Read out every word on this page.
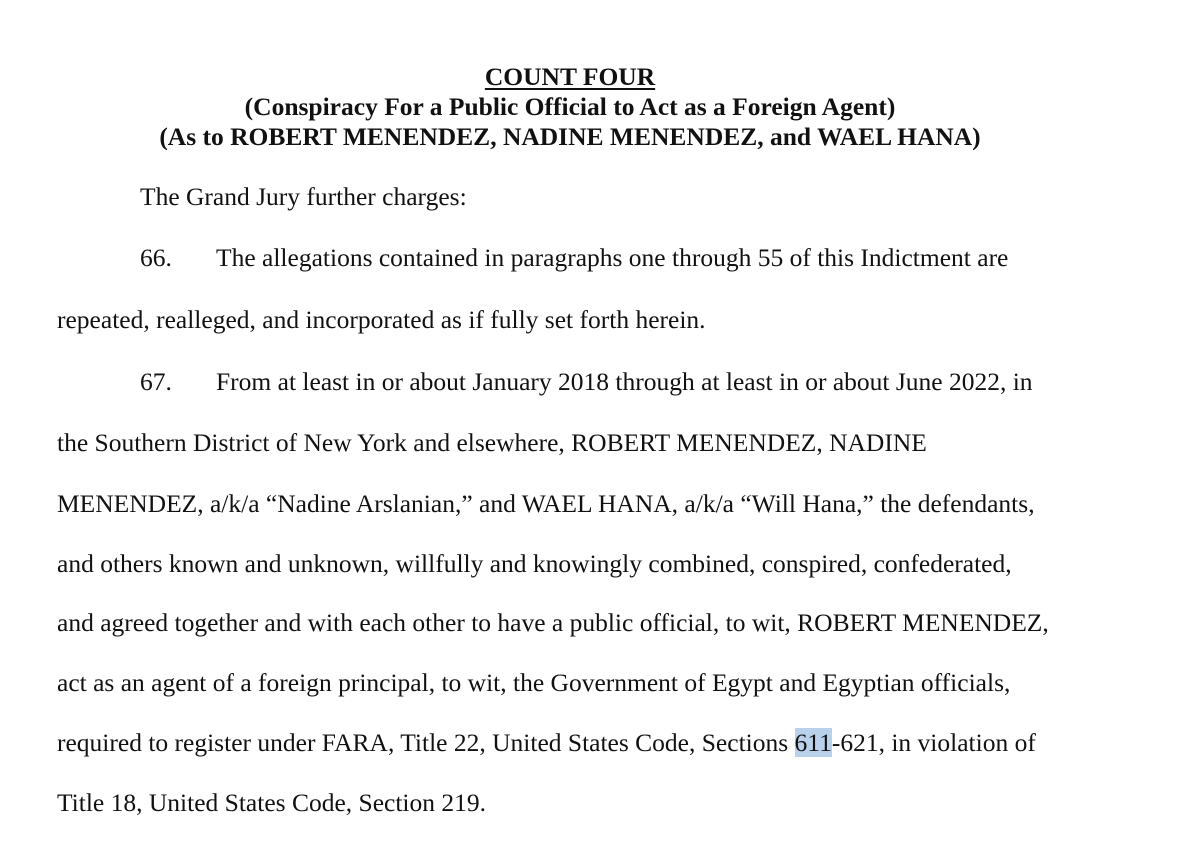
COUNT FOUR
(Conspiracy For a Public Official to Act as a Foreign Agent)
(As to ROBERT MENENDEZ, NADINE MENENDEZ, and WAEL HANA)
The Grand Jury further charges:
66. The allegations contained in paragraphs one through 55 of this Indictment are
repeated, realleged, and incorporated as if fully set forth herein.
67. From at least in or about January 2018 through at least in or about June 2022, in
the Southern District of New York and elsewhere, ROBERT MENENDEZ, NADINE
MENENDEZ, a/k/a “Nadine Arslanian,” and WAEL HANA, a/k/a “Will Hana,” the defendants,
and others known and unknown, willfully and knowingly combined, conspired, confederated,
and agreed together and with each other to have a public official, to wit, ROBERT MENENDEZ,
act as an agent of a foreign principal, to wit, the Government of Egypt and Egyptian officials,
required to register under FARA, Title 22, United States Code, Sections 611-621, in violation of
Title 18, United States Code, Section 219.
